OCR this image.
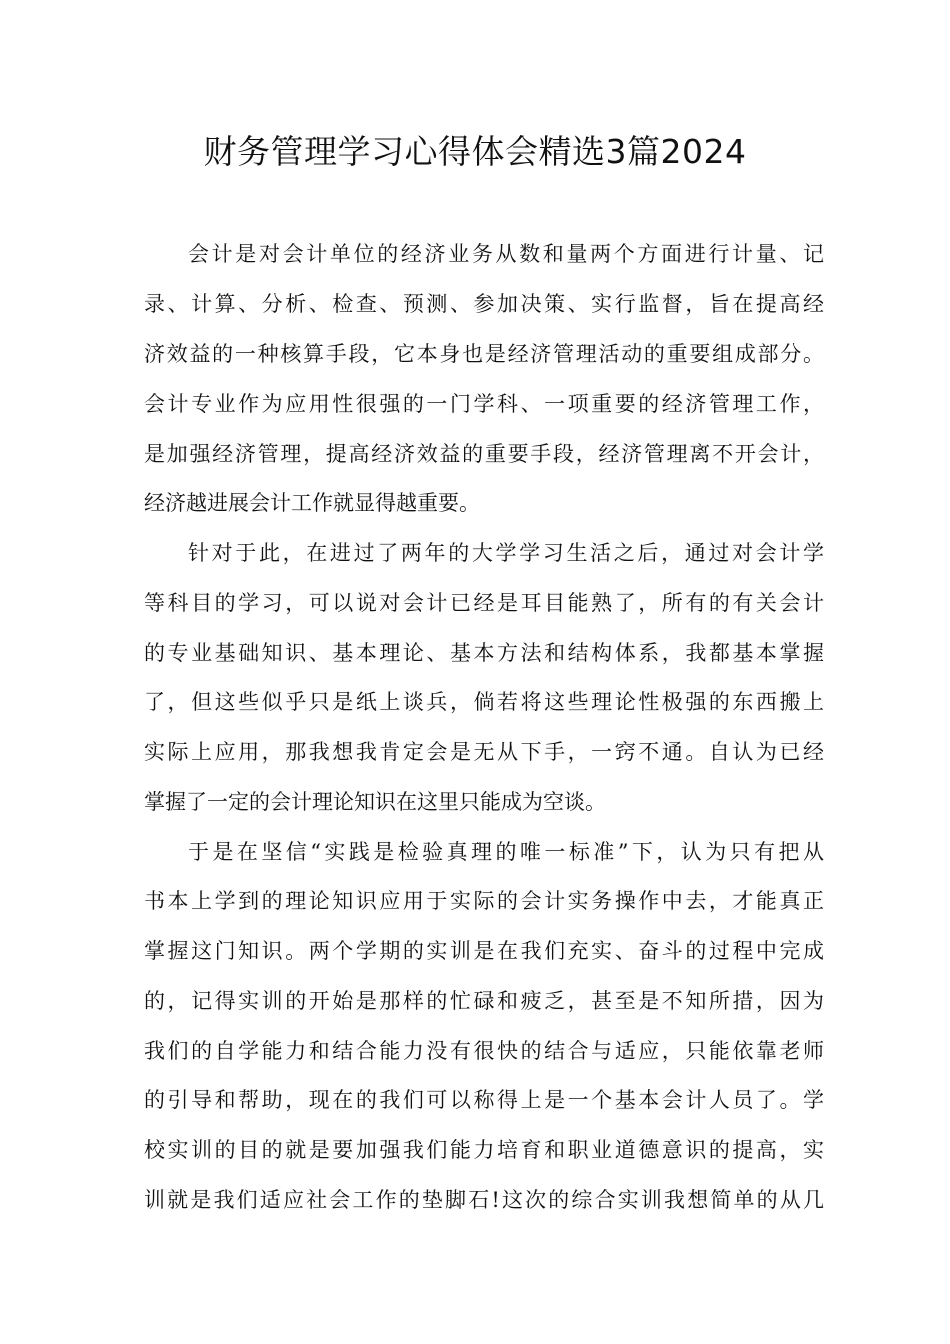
财务管理学习心得体会精选3篇2024
会计是对会计单位的经济业务从数和量两个方面进行计量、记
录、计算、分析、检查、预测、参加决策、实行监督，旨在提高经
济效益的一种核算手段，它本身也是经济管理活动的重要组成部分。
会计专业作为应用性很强的一门学科、一项重要的经济管理工作，
是加强经济管理，提高经济效益的重要手段，经济管理离不开会计，
经济越进展会计工作就显得越重要。
针对于此，在进过了两年的大学学习生活之后，通过对会计学
等科目的学习，可以说对会计已经是耳目能熟了，所有的有关会计
的专业基础知识、基本理论、基本方法和结构体系，我都基本掌握
了，但这些似乎只是纸上谈兵，倘若将这些理论性极强的东西搬上
实际上应用，那我想我肯定会是无从下手，一窍不通。自认为已经
掌握了一定的会计理论知识在这里只能成为空谈。
于是在坚信“实践是检验真理的唯一标准”下，认为只有把从
书本上学到的理论知识应用于实际的会计实务操作中去，才能真正
掌握这门知识。两个学期的实训是在我们充实、奋斗的过程中完成
的，记得实训的开始是那样的忙碌和疲乏，甚至是不知所措，因为
我们的自学能力和结合能力没有很快的结合与适应，只能依靠老师
的引导和帮助，现在的我们可以称得上是一个基本会计人员了。学
校实训的目的就是要加强我们能力培育和职业道德意识的提高，实
训就是我们适应社会工作的垫脚石!这次的综合实训我想简单的从几
